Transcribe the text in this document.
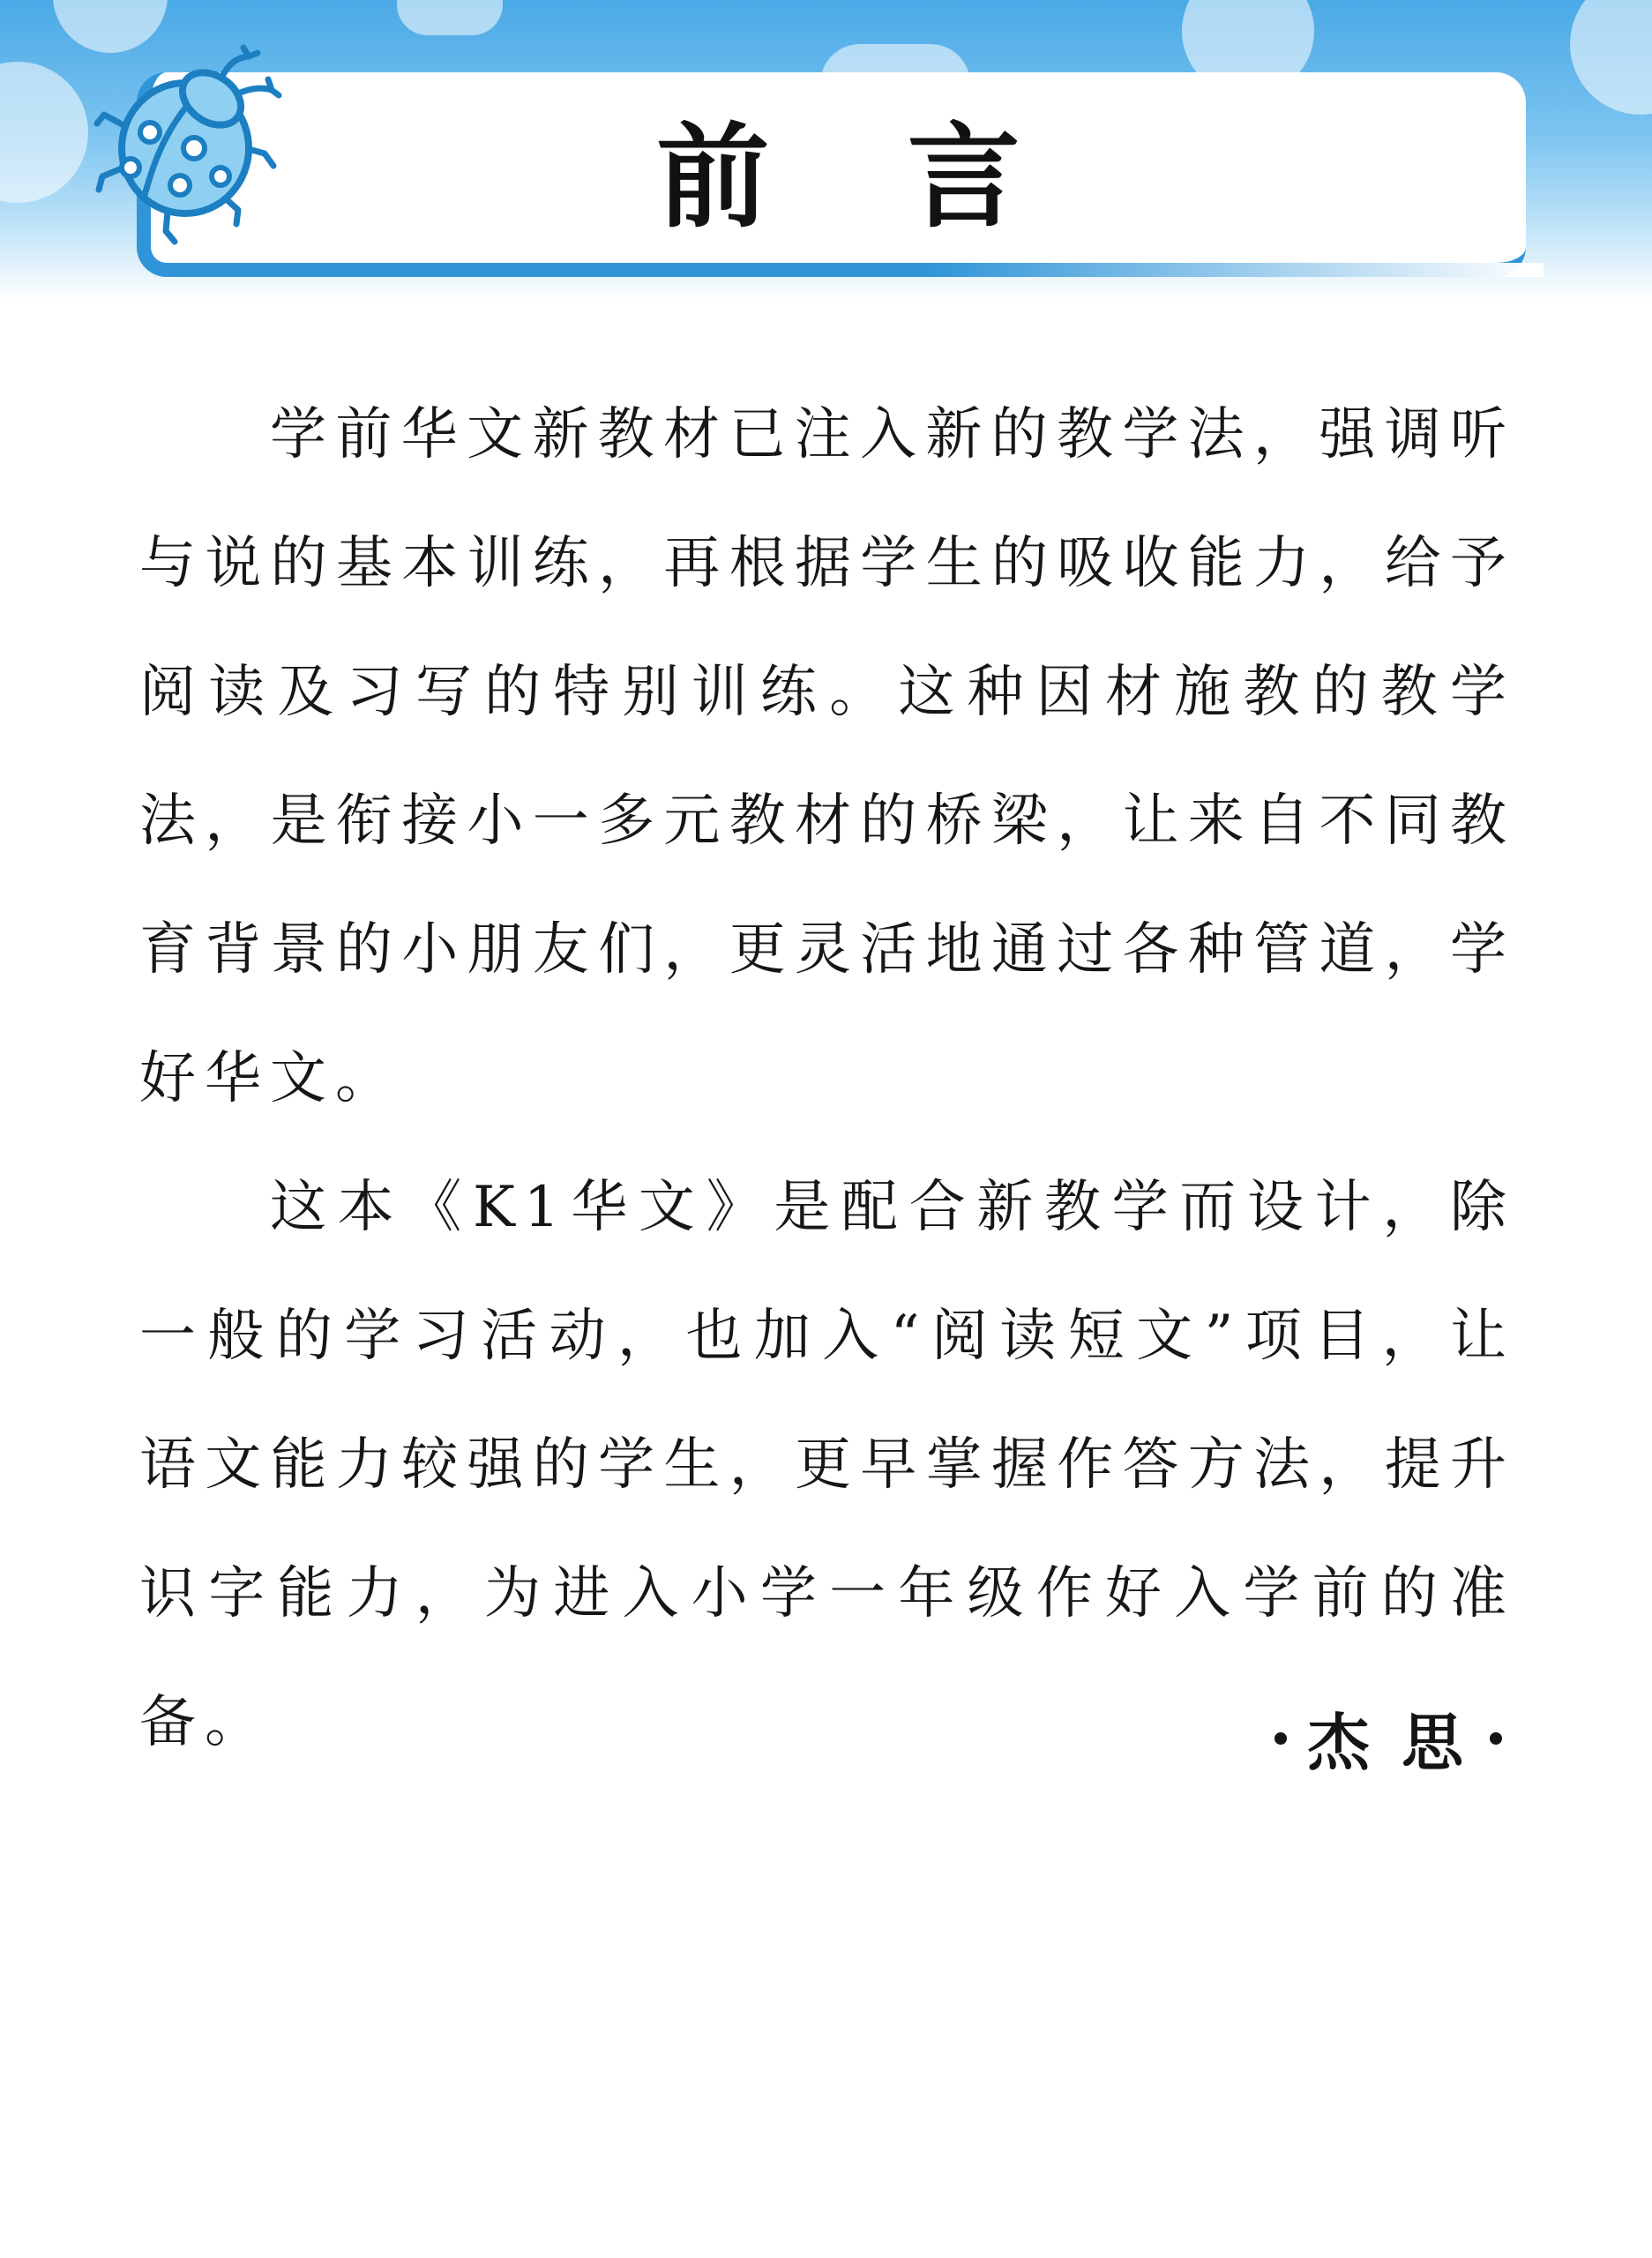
前 言

学前华文新教材已注入新的教学法，强调听与说的基本训练，再根据学生的吸收能力，给予阅读及习写的特别训练。这种因材施教的教学法，是衔接小一多元教材的桥梁，让来自不同教育背景的小朋友们，更灵活地通过各种管道，学好华文。

这本《K1华文》是配合新教学而设计，除一般的学习活动，也加入“阅读短文”项目，让语文能力较强的学生，更早掌握作答方法，提升识字能力，为进入小学一年级作好入学前的准备。	杰 思
